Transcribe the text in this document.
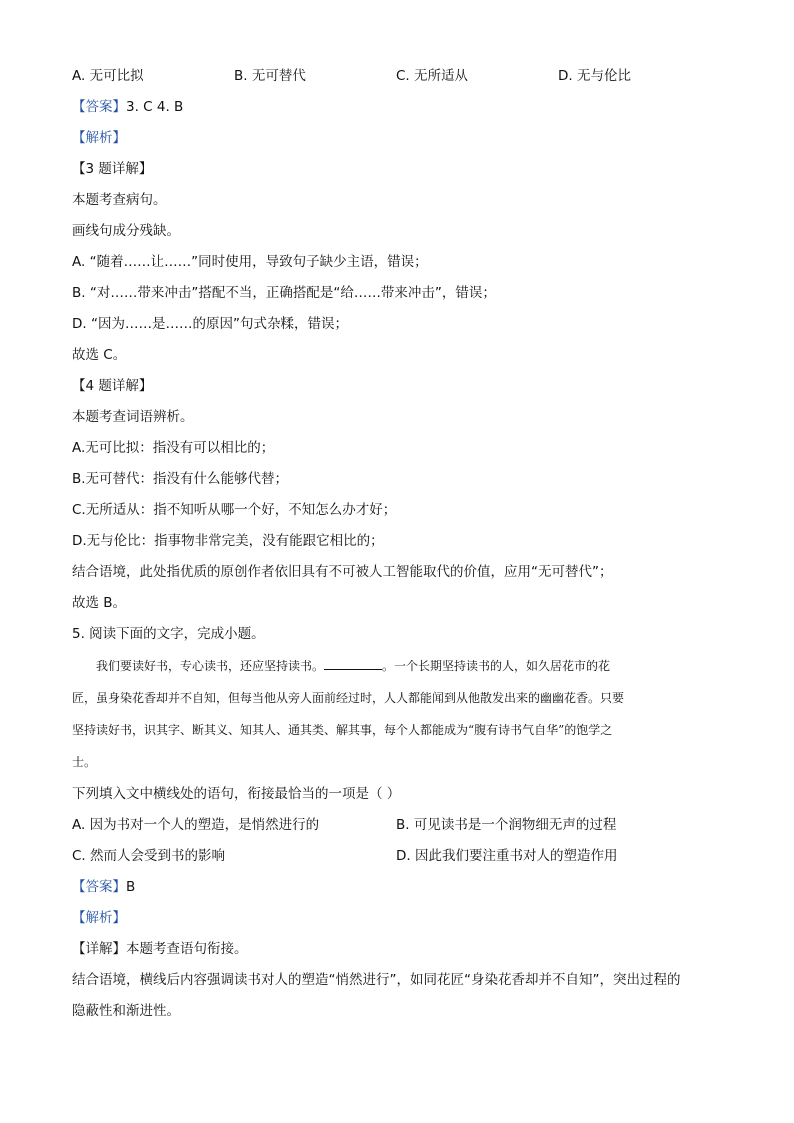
A. 无可比拟	B. 无可替代	C. 无所适从	D. 无与伦比
【答案】3. C 4. B
【解析】
【3 题详解】
本题考查病句。
画线句成分残缺。
A. “随着……让……”同时使用，导致句子缺少主语，错误；
B. “对……带来冲击”搭配不当，正确搭配是“给……带来冲击”，错误；
D. “因为……是……的原因”句式杂糅，错误；
故选 C。
【4 题详解】
本题考查词语辨析。
A.无可比拟：指没有可以相比的；
B.无可替代：指没有什么能够代替；
C.无所适从：指不知听从哪一个好，不知怎么办才好；
D.无与伦比：指事物非常完美，没有能跟它相比的；
结合语境，此处指优质的原创作者依旧具有不可被人工智能取代的价值，应用“无可替代”；
故选 B。
5. 阅读下面的文字，完成小题。
我们要读好书，专心读书，还应坚持读书。	。一个长期坚持读书的人，如久居花市的花
匠，虽身染花香却并不自知，但每当他从旁人面前经过时，人人都能闻到从他散发出来的幽幽花香。只要
坚持读好书，识其字、断其义、知其人、通其类、解其事，每个人都能成为“腹有诗书气自华”的饱学之
士。
下列填入文中横线处的语句，衔接最恰当的一项是（ ）
A. 因为书对一个人的塑造，是悄然进行的	B. 可见读书是一个润物细无声的过程
C. 然而人会受到书的影响	D. 因此我们要注重书对人的塑造作用
【答案】B
【解析】
【详解】本题考查语句衔接。
结合语境，横线后内容强调读书对人的塑造“悄然进行”，如同花匠“身染花香却并不自知”，突出过程的
隐蔽性和渐进性。
